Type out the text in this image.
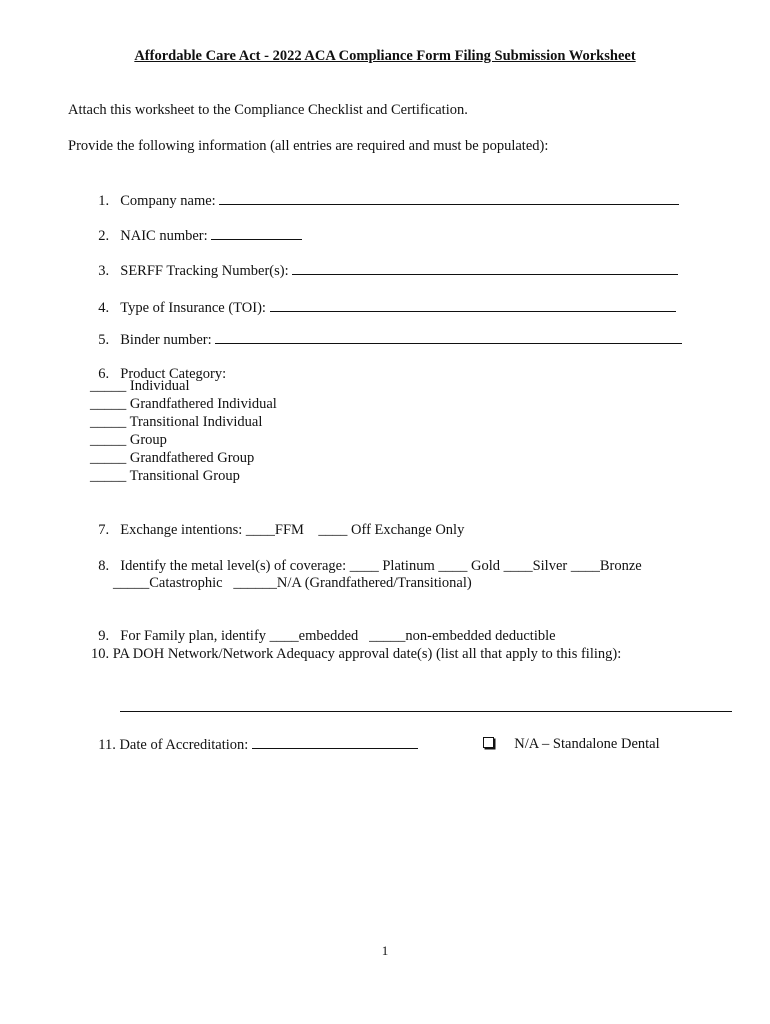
Affordable Care Act - 2022 ACA Compliance Form Filing Submission Worksheet
Attach this worksheet to the Compliance Checklist and Certification.
Provide the following information (all entries are required and must be populated):

1. Company name:

2. NAIC number:

3. SERFF Tracking Number(s):

4. Type of Insurance (TOI):

5. Binder number:

6. Product Category:

_____ Individual
_____ Grandfathered Individual
_____ Transitional Individual
_____ Group
_____ Grandfathered Group
_____ Transitional Group

7. Exchange intentions: ____FFM    ____ Off Exchange Only

8. Identify the metal level(s) of coverage: ____ Platinum ____ Gold ____Silver ____Bronze

_____Catastrophic   ______N/A (Grandfathered/Transitional)

9. For Family plan, identify ____embedded   _____non-embedded deductible

10. PA DOH Network/Network Adequacy approval date(s) (list all that apply to this filing):

11. Date of Accreditation:	N/A – Standalone Dental

1
